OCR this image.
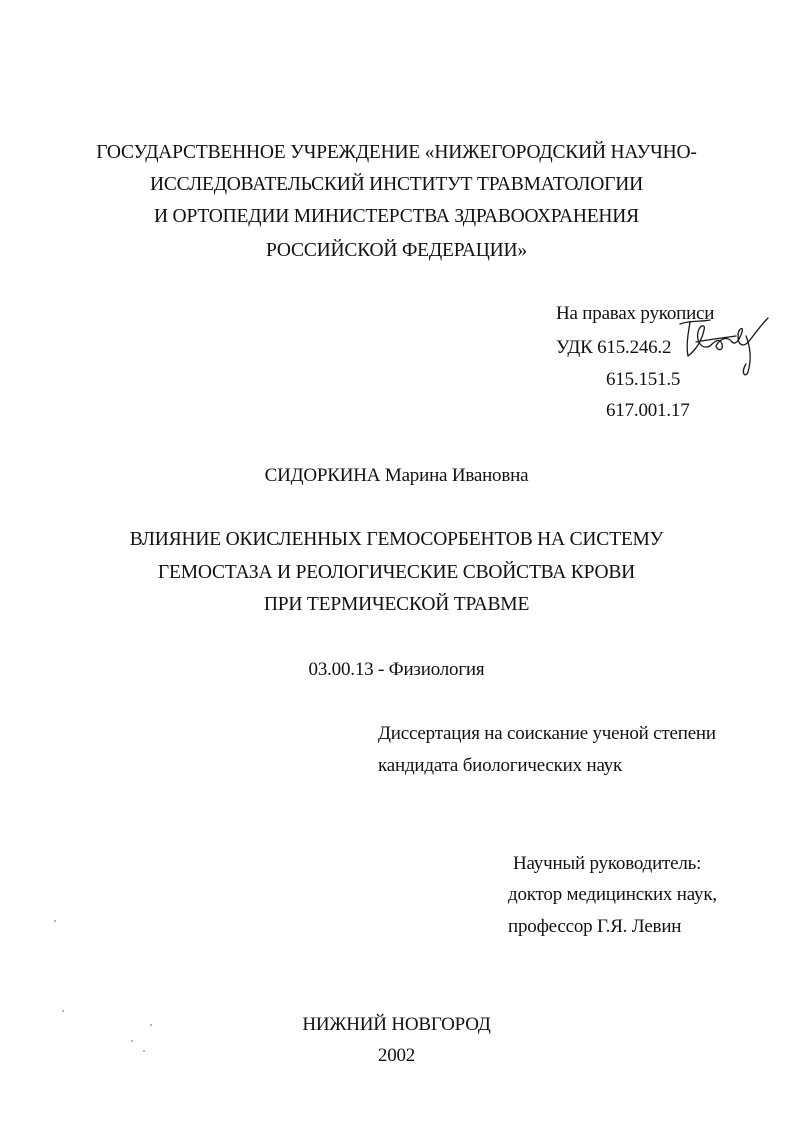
ГОСУДАРСТВЕННОЕ УЧРЕЖДЕНИЕ «НИЖЕГОРОДСКИЙ НАУЧНО-
ИССЛЕДОВАТЕЛЬСКИЙ ИНСТИТУТ ТРАВМАТОЛОГИИ
И ОРТОПЕДИИ МИНИСТЕРСТВА ЗДРАВООХРАНЕНИЯ
РОССИЙСКОЙ ФЕДЕРАЦИИ»
На правах рукописи
УДК 615.246.2
615.151.5
617.001.17
СИДОРКИНА Марина Ивановна
ВЛИЯНИЕ ОКИСЛЕННЫХ ГЕМОСОРБЕНТОВ НА СИСТЕМУ
ГЕМОСТАЗА И РЕОЛОГИЧЕСКИЕ СВОЙСТВА КРОВИ
ПРИ ТЕРМИЧЕСКОЙ ТРАВМЕ
03.00.13 - Физиология
Диссертация на соискание ученой степени
кандидата биологических наук
Научный руководитель:
доктор медицинских наук,
профессор Г.Я. Левин
НИЖНИЙ НОВГОРОД
2002
